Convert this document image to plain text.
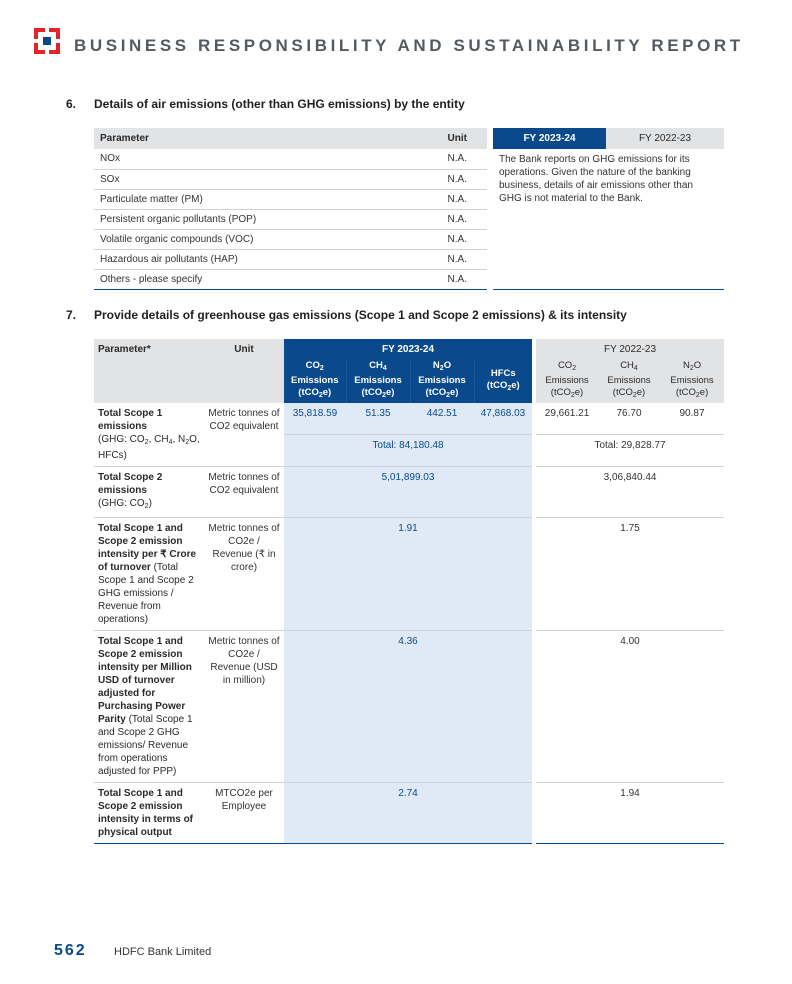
BUSINESS RESPONSIBILITY AND SUSTAINABILITY REPORT
6. Details of air emissions (other than GHG emissions) by the entity
Parameter	Unit	FY 2023-24	FY 2022-23
NOx	N.A.	The Bank reports on GHG emissions for its operations. Given the nature of the banking business, details of air emissions other than GHG is not material to the Bank.	
SOx	N.A.		
Particulate matter (PM)	N.A.		
Persistent organic pollutants (POP)	N.A.		
Volatile organic compounds (VOC)	N.A.		
Hazardous air pollutants (HAP)	N.A.		
Others - please specify	N.A.		
7. Provide details of greenhouse gas emissions (Scope 1 and Scope 2 emissions) & its intensity
Parameter*	Unit	FY 2023-24				FY 2022-23		
		$CO_2$
Emissions
(tCO$_2$e)	$CH_4$
Emissions
(tCO$_2$e)	$N_2O$
Emissions
(tCO$_2$e)	HFCs
(tCO$_2$e)	$CO_2$
Emissions
(tCO$_2$e)	$CH_4$
Emissions
(tCO$_2$e)	$N_2O$
Emissions
(tCO$_2$e)
Total Scope 1 emissions
(GHG: $CO_2$, $CH_4$, $N_2O$, HFCs)	Metric tonnes of CO2 equivalent	35,818.59	51.35	442.51	47,868.03	29,661.21	76.70	90.87
		Total: 84,180.48				Total: 29,828.77		
Total Scope 2 emissions
(GHG: $CO_2$)	Metric tonnes of CO2 equivalent	5,01,899.03				3,06,840.44		
Total Scope 1 and Scope 2 emission intensity per ₹ Crore of turnover (Total Scope 1 and Scope 2 GHG emissions / Revenue from operations)	Metric tonnes of CO2e / Revenue (₹ in crore)	1.91				1.75		
Total Scope 1 and Scope 2 emission intensity per Million USD of turnover adjusted for Purchasing Power Parity (Total Scope 1 and Scope 2 GHG emissions/ Revenue from operations adjusted for PPP)	Metric tonnes of CO2e / Revenue (USD in million)	4.36				4.00		
Total Scope 1 and Scope 2 emission intensity in terms of physical output	MTCO2e per Employee	2.74				1.94		
562 HDFC Bank Limited
